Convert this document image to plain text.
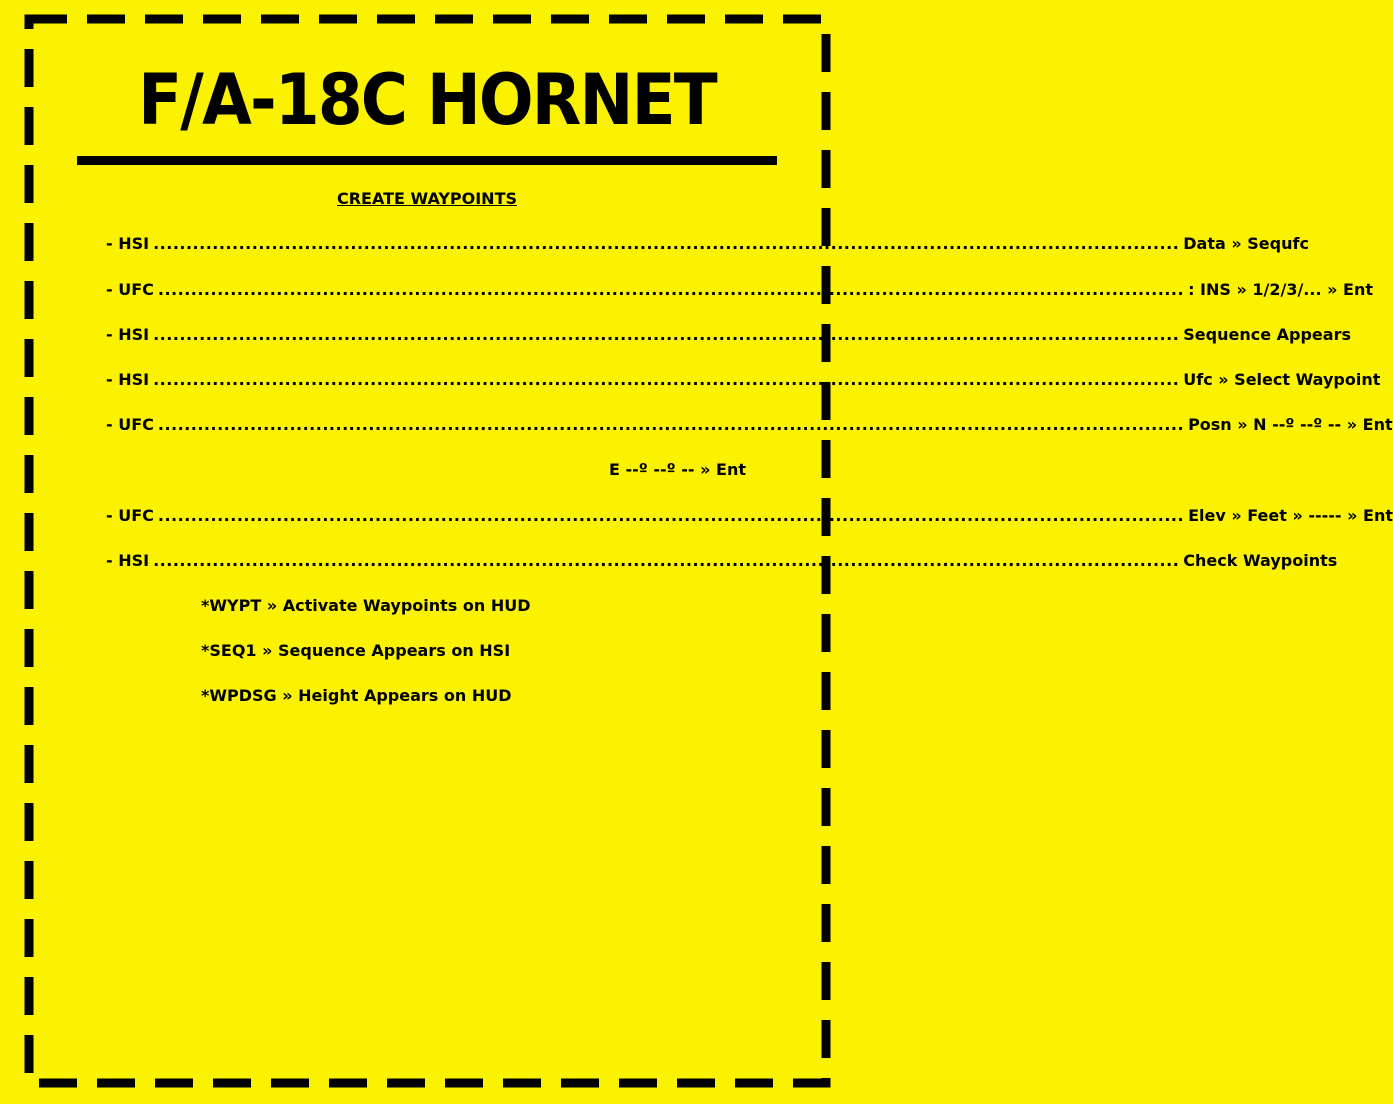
F/A-18C HORNET
CREATE WAYPOINTS
- HSI ............................................................................................................................................................ Data » Sequfc
- UFC ............................................................................................................................................................ : INS » 1/2/3/... » Ent
- HSI ............................................................................................................................................................ Sequence Appears
- HSI ............................................................................................................................................................ Ufc » Select Waypoint
- UFC ............................................................................................................................................................ Posn » N --º --º -- » Ent
E --º --º -- » Ent
- UFC ............................................................................................................................................................ Elev » Feet » ----- » Ent
- HSI ............................................................................................................................................................ Check Waypoints
*WYPT » Activate Waypoints on HUD
*SEQ1 » Sequence Appears on HSI
*WPDSG » Height Appears on HUD
